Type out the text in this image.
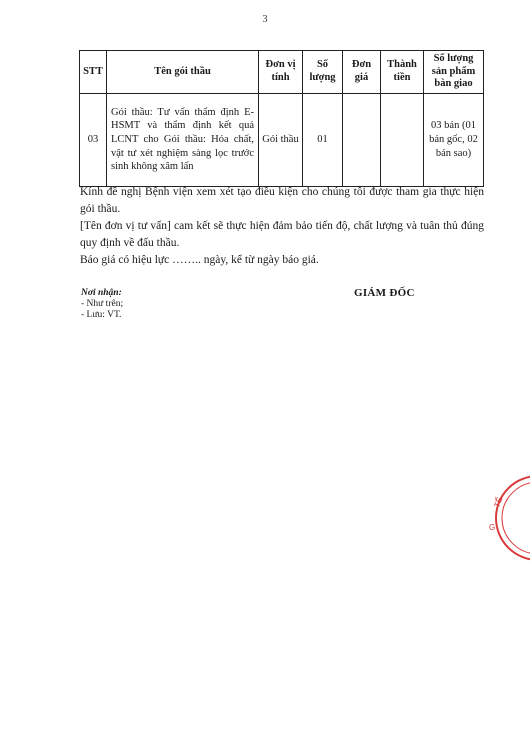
3
STT	Tên gói thầu	Đơn vị tính	Số lượng	Đơn giá	Thành tiền	Số lượng sản phẩm bàn giao
03	Gói thầu: Tư vấn thẩm định E-HSMT và thẩm định kết quả LCNT cho Gói thầu: Hóa chất, vật tư xét nghiệm sàng lọc trước sinh không xâm lấn	Gói thầu	01			03 bản (01 bản gốc, 02 bản sao)

Kính đề nghị Bệnh viện xem xét tạo điều kiện cho chúng tôi được tham gia thực hiện gói thầu.

[Tên đơn vị tư vấn] cam kết sẽ thực hiện đảm bảo tiến độ, chất lượng và tuân thủ đúng quy định về đấu thầu.

Báo giá có hiệu lực …….. ngày, kể từ ngày báo giá.

Nơi nhận:
- Như trên;
- Lưu: VT.
GIÁM ĐỐC
TẾ
G
